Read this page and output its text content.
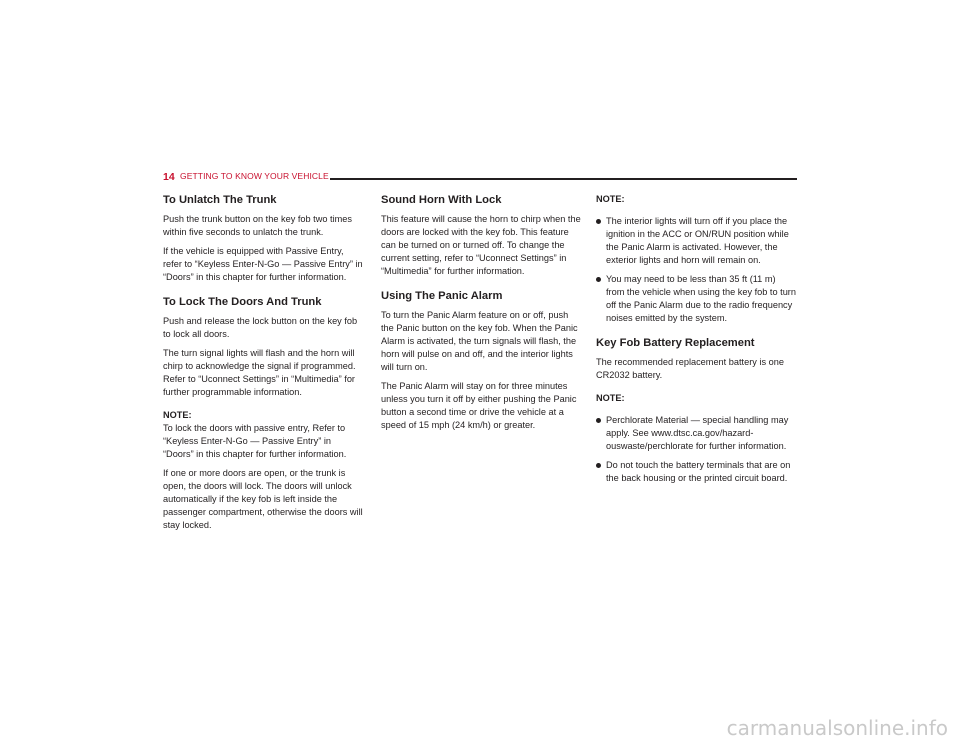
14 GETTING TO KNOW YOUR VEHICLE
To Unlatch The Trunk

Push the trunk button on the key fob two times within five seconds to unlatch the trunk.

If the vehicle is equipped with Passive Entry, refer to “Keyless Enter-N-Go — Passive Entry” in “Doors” in this chapter for further information.

To Lock The Doors And Trunk

Push and release the lock button on the key fob to lock all doors.

The turn signal lights will flash and the horn will chirp to acknowledge the signal if programmed. Refer to “Uconnect Settings” in “Multimedia” for further programmable information.

NOTE:

To lock the doors with passive entry, Refer to “Keyless Enter-N-Go — Passive Entry” in “Doors” in this chapter for further information.

If one or more doors are open, or the trunk is open, the doors will lock. The doors will unlock automatically if the key fob is left inside the passenger compartment, otherwise the doors will stay locked.

Sound Horn With Lock

This feature will cause the horn to chirp when the doors are locked with the key fob. This feature can be turned on or turned off. To change the current setting, refer to “Uconnect Settings” in “Multimedia” for further information.

Using The Panic Alarm

To turn the Panic Alarm feature on or off, push the Panic button on the key fob. When the Panic Alarm is activated, the turn signals will flash, the horn will pulse on and off, and the interior lights will turn on.

The Panic Alarm will stay on for three minutes unless you turn it off by either pushing the Panic button a second time or drive the vehicle at a speed of 15 mph (24 km/h) or greater.

NOTE:

The interior lights will turn off if you place the ignition in the ACC or ON/RUN position while the Panic Alarm is activated. However, the exterior lights and horn will remain on.
You may need to be less than 35 ft (11 m) from the vehicle when using the key fob to turn off the Panic Alarm due to the radio frequency noises emitted by the system.
Key Fob Battery Replacement

The recommended replacement battery is one CR2032 battery.

NOTE:

Perchlorate Material — special handling may apply. See www.dtsc.ca.gov/hazard-ouswaste/perchlorate for further information.
Do not touch the battery terminals that are on the back housing or the printed circuit board.
carmanualsonline.info
